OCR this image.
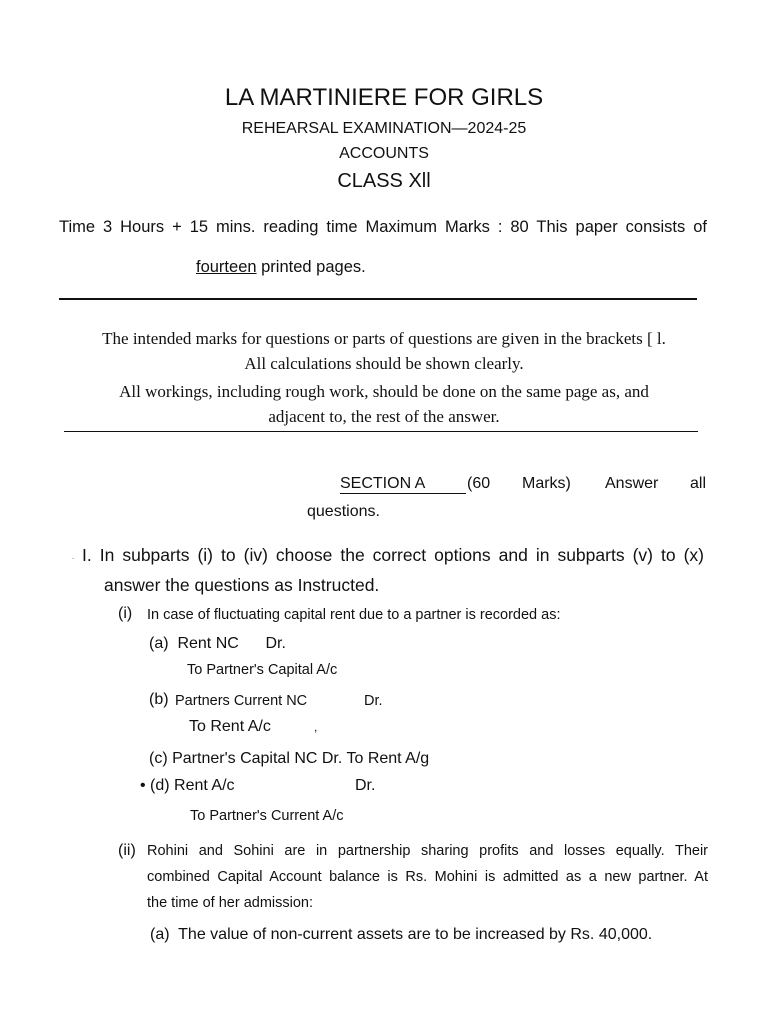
LA MARTINIERE FOR GIRLS
REHEARSAL EXAMINATION—2024-25
ACCOUNTS
CLASS Xll
Time 3 Hours + 15 mins. reading time Maximum Marks : 80 This paper consists of
fourteen printed pages.
The intended marks for questions or parts of questions are given in the brackets [ l.
All calculations should be shown clearly.
All workings, including rough work, should be done on the same page as, and
adjacent to, the rest of the answer.
SECTION A	(60 Marks) Answer all
questions.
. I. In subparts (i) to (iv) choose the correct options and in subparts (v) to (x)
answer the questions as Instructed.
(i) In case of fluctuating capital rent due to a partner is recorded as:
(a)  Rent NC      Dr.
To Partner's Capital A/c
(b) Partners Current NC	Dr.
To Rent A/c	,
(c) Partner's Capital NC Dr. To Rent A/g
• (d) Rent A/c	Dr.
To Partner's Current A/c
(ii) Rohini and Sohini are in partnership sharing profits and losses equally. Their
combined Capital Account balance is Rs. Mohini is admitted as a new partner. At
the time of her admission:
(a)  The value of non-current assets are to be increased by Rs. 40,000.
